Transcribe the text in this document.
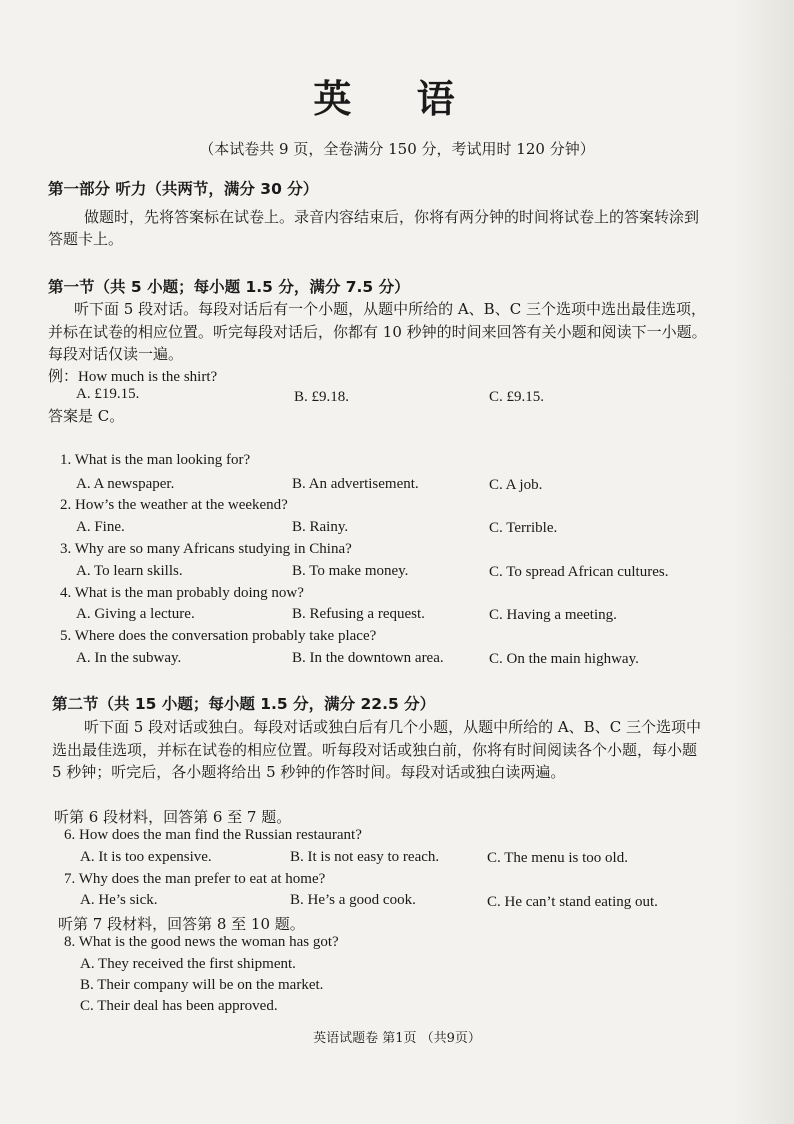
英 语
（本试卷共 9 页，全卷满分 150 分，考试用时 120 分钟）
第一部分 听力（共两节，满分 30 分）
做题时，先将答案标在试卷上。录音内容结束后，你将有两分钟的时间将试卷上的答案转涂到
答题卡上。
第一节（共 5 小题；每小题 1.5 分，满分 7.5 分）
听下面 5 段对话。每段对话后有一个小题，从题中所给的 A、B、C 三个选项中选出最佳选项，
并标在试卷的相应位置。听完每段对话后，你都有 10 秒钟的时间来回答有关小题和阅读下一小题。
每段对话仅读一遍。
例：How much is the shirt?
A. £19.15.	B. £9.18.	C. £9.15.
答案是 C。
1. What is the man looking for?
A. A newspaper.	B. An advertisement.	C. A job.
2. How’s the weather at the weekend?
A. Fine.	B. Rainy.	C. Terrible.
3. Why are so many Africans studying in China?
A. To learn skills.	B. To make money.	C. To spread African cultures.
4. What is the man probably doing now?
A. Giving a lecture.	B. Refusing a request.	C. Having a meeting.
5. Where does the conversation probably take place?
A. In the subway.	B. In the downtown area.	C. On the main highway.
第二节（共 15 小题；每小题 1.5 分，满分 22.5 分）
听下面 5 段对话或独白。每段对话或独白后有几个小题，从题中所给的 A、B、C 三个选项中
选出最佳选项，并标在试卷的相应位置。听每段对话或独白前，你将有时间阅读各个小题，每小题
5 秒钟；听完后，各小题将给出 5 秒钟的作答时间。每段对话或独白读两遍。
听第 6 段材料，回答第 6 至 7 题。
6. How does the man find the Russian restaurant?
A. It is too expensive.	B. It is not easy to reach.	C. The menu is too old.
7. Why does the man prefer to eat at home?
A. He’s sick.	B. He’s a good cook.	C. He can’t stand eating out.
听第 7 段材料，回答第 8 至 10 题。
8. What is the good news the woman has got?
A. They received the first shipment.
B. Their company will be on the market.
C. Their deal has been approved.
英语试题卷 第1页 （共9页）
